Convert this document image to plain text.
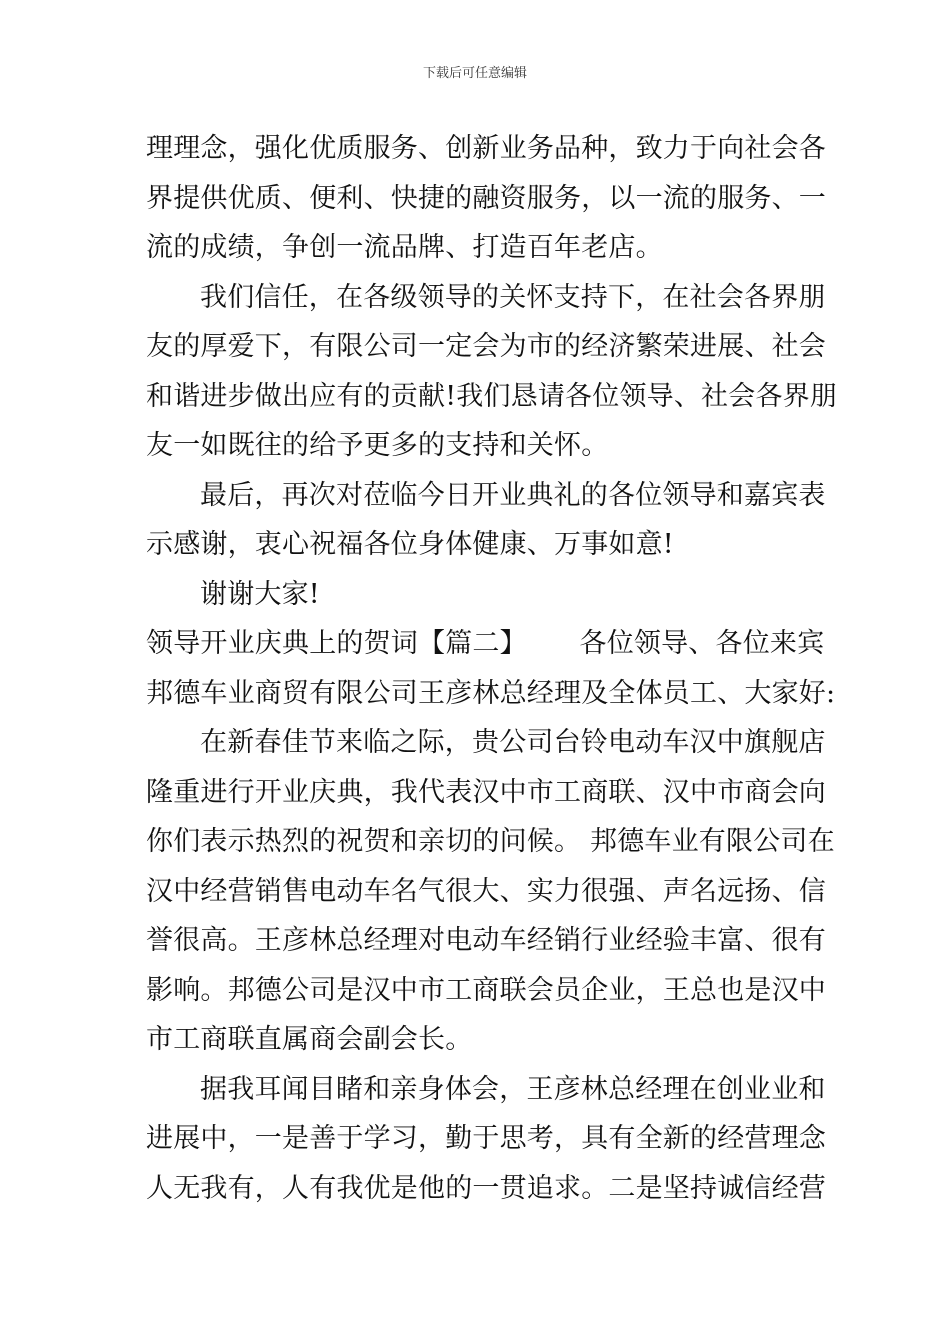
下载后可任意编辑
理理念，强化优质服务、创新业务品种，致力于向社会各
界提供优质、便利、快捷的融资服务，以一流的服务、一
流的成绩，争创一流品牌、打造百年老店。
我们信任，在各级领导的关怀支持下，在社会各界朋
友的厚爱下，有限公司一定会为市的经济繁荣进展、社会
和谐进步做出应有的贡献!我们恳请各位领导、社会各界朋
友一如既往的给予更多的支持和关怀。
最后，再次对莅临今日开业典礼的各位领导和嘉宾表
示感谢，衷心祝福各位身体健康、万事如意!
谢谢大家!
领导开业庆典上的贺词【篇二】      各位领导、各位来宾
邦德车业商贸有限公司王彦林总经理及全体员工、大家好:
在新春佳节来临之际，贵公司台铃电动车汉中旗舰店
隆重进行开业庆典，我代表汉中市工商联、汉中市商会向
你们表示热烈的祝贺和亲切的问候。 邦德车业有限公司在
汉中经营销售电动车名气很大、实力很强、声名远扬、信
誉很高。王彦林总经理对电动车经销行业经验丰富、很有
影响。邦德公司是汉中市工商联会员企业，王总也是汉中
市工商联直属商会副会长。
据我耳闻目睹和亲身体会，王彦林总经理在创业业和
进展中，一是善于学习，勤于思考，具有全新的经营理念
人无我有，人有我优是他的一贯追求。二是坚持诚信经营
